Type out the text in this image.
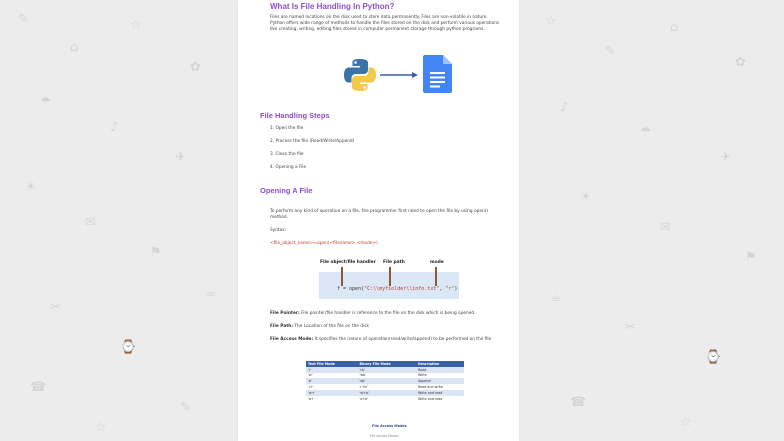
✎
⌂
☆
✿
☂
♪
✈
☀
✉
⚑
☕
✂
⌚
☎
✎
☆
☆
✎
⌂
✿
♪
☂
✈
☀
✉
⚑
☕
✂
⌚
☎
☆
What Is File Handling In Python?

Files are named locations on the disk used to store data permanently. Files are non-volatile in nature. Python offers wide range of methods to handle the files stored on the disk and perform various operations like creating, writing, editing files stored in computer permanent storage through python programs.

File Handling Steps
1. Open the file
2. Process the file (Read/Write/Append)
3. Close the file
4. Opening a File
Opening A File

To perform any kind of operation on a file, the programmer first need to open the file by using open() method.

Syntax:

<file_object_name>=open(<filename>,<mode>)

File object/file handler File path	mode
f = open("C:\\myfiolder\\info.txt", "r")

File Pointer: File pointer/file handler is reference to the file on the disk which is being opened.

File Path: The Location of the file on the disk

File Access Mode: It specifies the nature of operation(read/write/append) to be performed on the file

Text File Mode	Binary File Mode	Description
'r'	'rb'	Read
'w'	'wb'	Write
'a'	'ab'	Append
'r+'	'r+b'	Read and write
'w+'	'w+b'	Write and read
'a+'	'a+b'	Write and read
File Access Modes
File Access Modes
